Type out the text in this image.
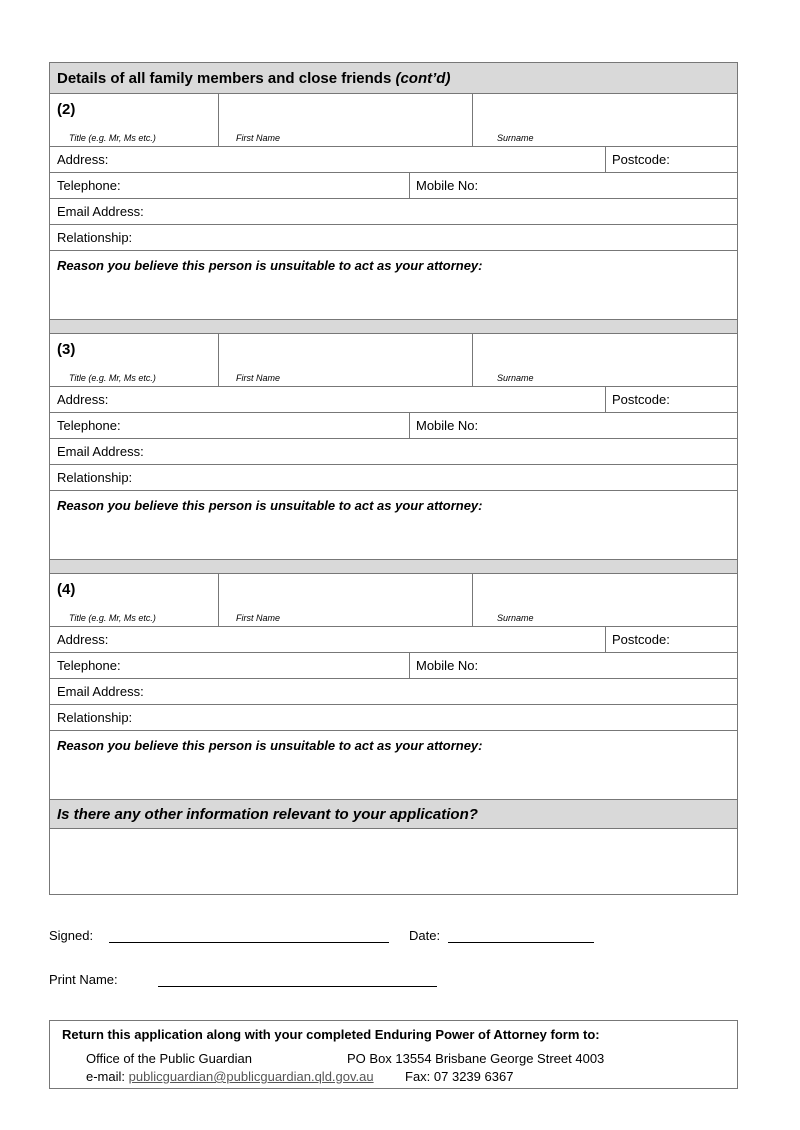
Details of all family members and close friends (cont’d)
(2)
Title (e.g. Mr, Ms etc.)	First Name	Surname
Address:	Postcode:
Telephone:	Mobile No:
Email Address:
Relationship:
Reason you believe this person is unsuitable to act as your attorney:
(3)
Title (e.g. Mr, Ms etc.)	First Name	Surname
Address:	Postcode:
Telephone:	Mobile No:
Email Address:
Relationship:
Reason you believe this person is unsuitable to act as your attorney:
(4)
Title (e.g. Mr, Ms etc.)	First Name	Surname
Address:	Postcode:
Telephone:	Mobile No:
Email Address:
Relationship:
Reason you believe this person is unsuitable to act as your attorney:
Is there any other information relevant to your application?
Signed:	Date:
Print Name:
Return this application along with your completed Enduring Power of Attorney form to:
Office of the Public Guardian	PO Box 13554 Brisbane George Street 4003
e-mail: publicguardian@publicguardian.qld.gov.au Fax: 07 3239 6367
